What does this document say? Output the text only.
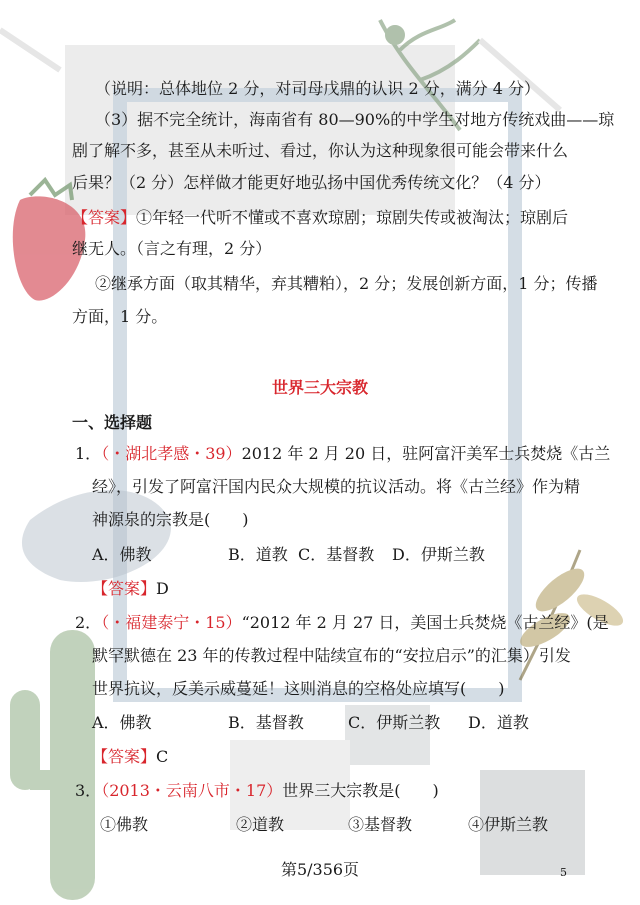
（说明：总体地位 2 分，对司母戊鼎的认识 2 分，满分 4 分）
（3）据不完全统计，海南省有 80—90%的中学生对地方传统戏曲——琼
剧了解不多，甚至从未听过、看过，你认为这种现象很可能会带来什么
后果？（2 分）怎样做才能更好地弘扬中国优秀传统文化？（4 分）
【答案】①年轻一代听不懂或不喜欢琼剧；琼剧失传或被淘汰；琼剧后
继无人。（言之有理，2 分）
②继承方面（取其精华，弃其糟粕），2 分；发展创新方面，1 分；传播
方面，1 分。
世界三大宗教
一、选择题
1．（・湖北孝感・39）2012 年 2 月 20 日，驻阿富汗美军士兵焚烧《古兰
经》，引发了阿富汗国内民众大规模的抗议活动。将《古兰经》作为精
神源泉的宗教是(　　)
A．佛教	B．道教 C．基督教 D．伊斯兰教
【答案】D
2．（・福建泰宁・15）“2012 年 2 月 27 日，美国士兵焚烧《古兰经》(是
默罕默德在 23 年的传教过程中陆续宣布的“安拉启示”的汇集）引发
世界抗议，反美示威蔓延！这则消息的空格处应填写(　　)
A．佛教	B．基督教	C．伊斯兰教 D．道教
【答案】C
3．（2013・云南八市・17）世界三大宗教是(　　)
①佛教	②道教	③基督教	④伊斯兰教
第5/356页	5
